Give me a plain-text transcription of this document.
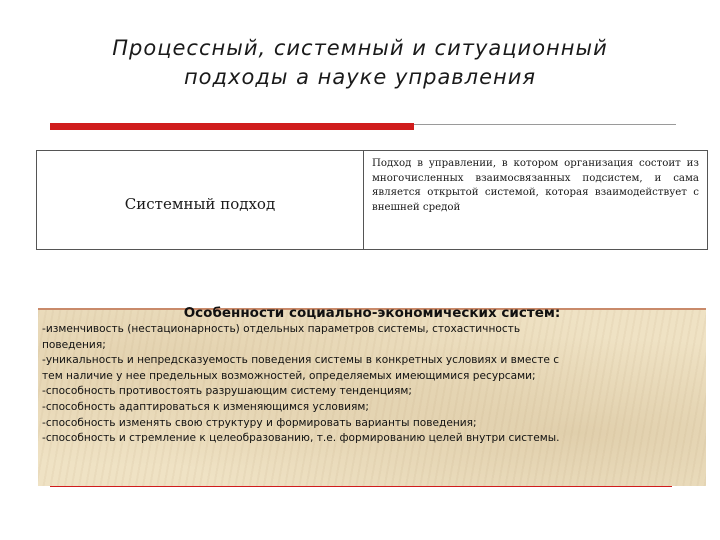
Процессный, системный и ситуационный
подходы а науке управления
Системный подход
Подход в управлении, в котором организация состоит из многочисленных взаимосвязанных подсистем, и сама является открытой системой, которая взаимодействует с внешней средой
Особенности социально-экономических систем:
-изменчивость (нестационарность) отдельных параметров системы, стохастичность
поведения;
-уникальность и непредсказуемость поведения системы в конкретных условиях и вместе с
тем наличие у нее предельных возможностей, определяемых имеющимися ресурсами;
-способность противостоять разрушающим систему тенденциям;
-способность адаптироваться к изменяющимся условиям;
-способность изменять свою структуру и формировать варианты поведения;
-способность и стремление к целеобразованию, т.е. формированию целей внутри системы.
